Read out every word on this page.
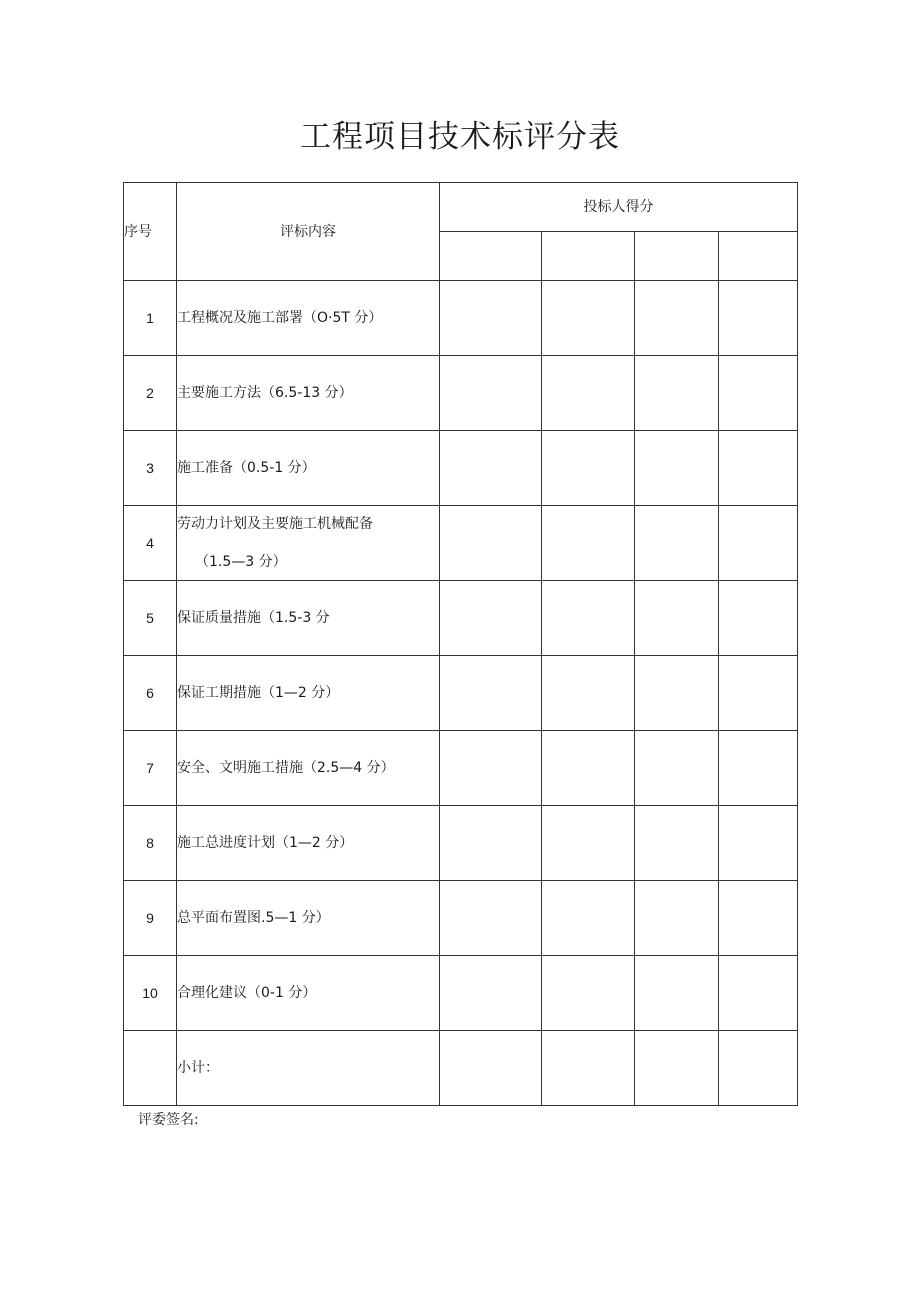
工程项目技术标评分表
序号	评标内容	投标人得分			

1	工程概况及施工部署（O·5T 分）				
2	主要施工方法（6.5-13 分）				
3	施工准备（0.5-1 分）				
4	劳动力计划及主要施工机械配备
（1.5—3 分）				

5	保证质量措施（1.5-3 分				
6	保证工期措施（1—2 分）				
7	安全、文明施工措施（2.5—4 分）				
8	施工总进度计划（1—2 分）				
9	总平面布置图.5—1 分）				
10	合理化建议（0-1 分）				
	小计：				
评委签名:
